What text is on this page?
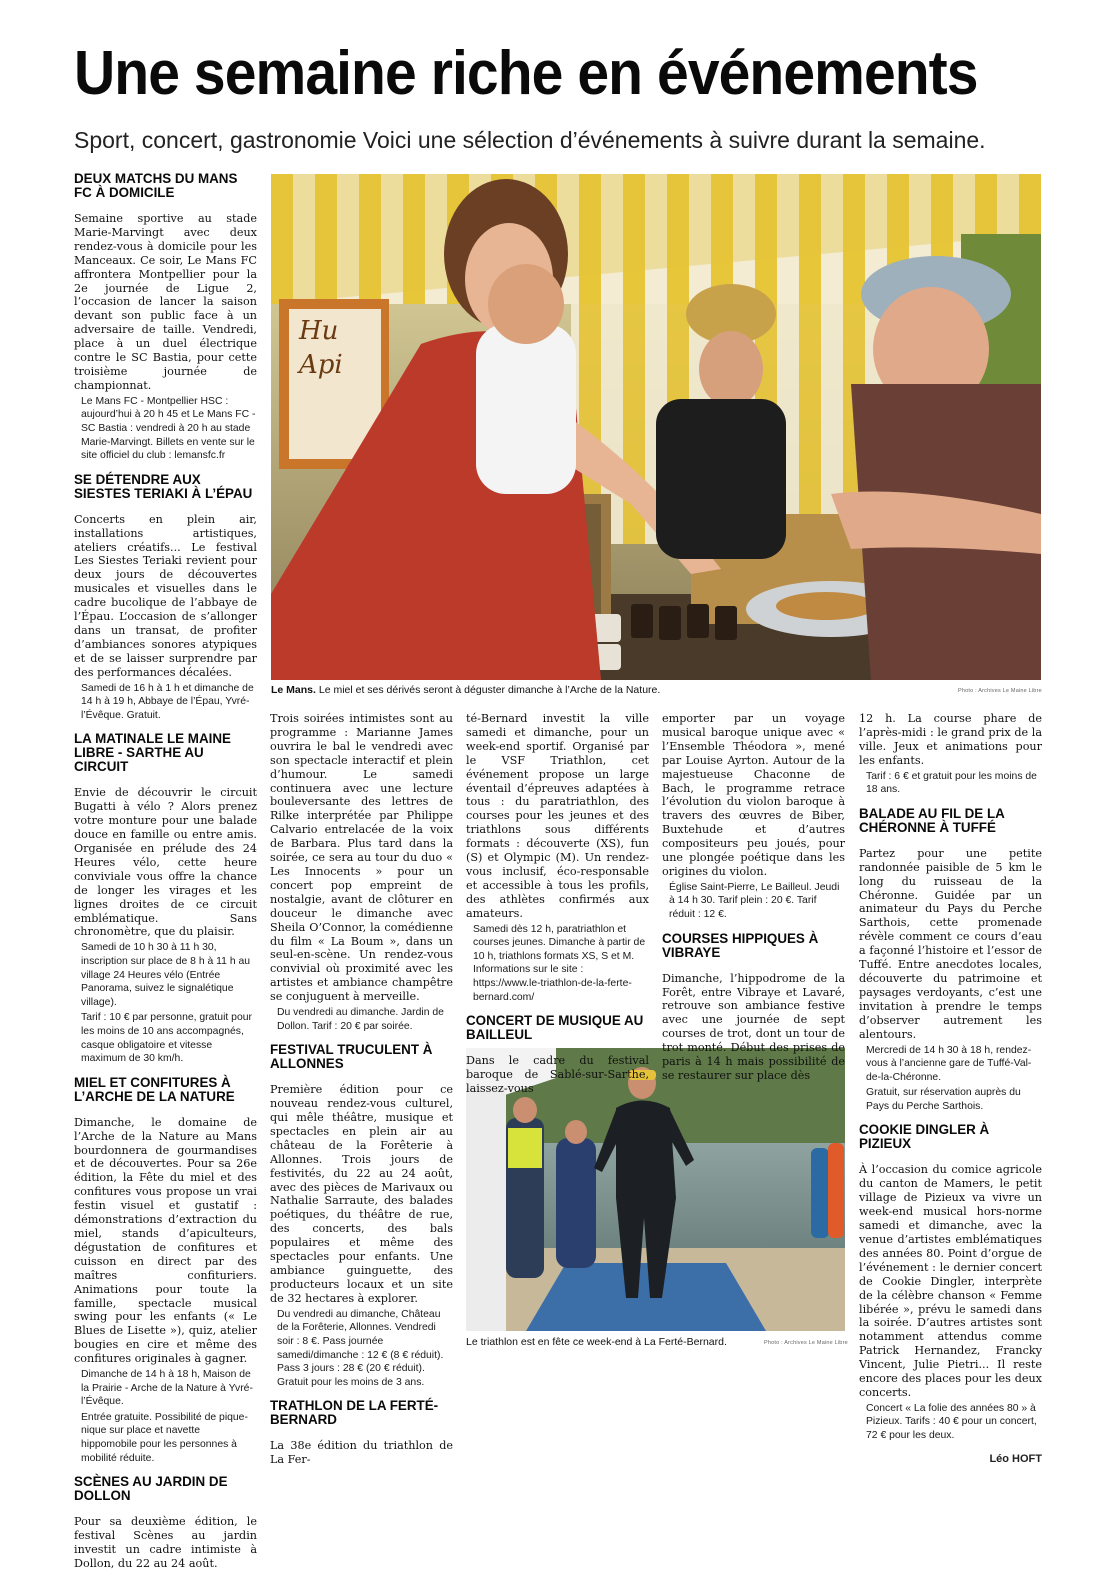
Une semaine riche en événements
Sport, concert, gastronomie Voici une sélection d’événements à suivre durant la semaine.
Hu
Api
Le Mans. Le miel et ses dérivés seront à déguster dimanche à l’Arche de la Nature.	Photo : Archives Le Maine Libre
Le triathlon est en fête ce week-end à La Ferté-Bernard.	Photo : Archives Le Maine Libre
DEUX MATCHS DU MANS FC À DOMICILE

Semaine sportive au stade Marie-Marvingt avec deux rendez-vous à domicile pour les Manceaux. Ce soir, Le Mans FC affrontera Montpellier pour la 2e journée de Ligue 2, l’occasion de lancer la saison devant son public face à un adversaire de taille. Vendredi, place à un duel électrique contre le SC Bastia, pour cette troisième journée de championnat.

Le Mans FC - Montpellier HSC : aujourd’hui à 20 h 45 et Le Mans FC - SC Bastia : vendredi à 20 h au stade Marie-Marvingt. Billets en vente sur le site officiel du club : lemansfc.fr

SE DÉTENDRE AUX SIESTES TERIAKI À L’ÉPAU

Concerts en plein air, installations artistiques, ateliers créatifs... Le festival Les Siestes Teriaki revient pour deux jours de découvertes musicales et visuelles dans le cadre bucolique de l’abbaye de l’Épau. L’occasion de s’allonger dans un transat, de profiter d’ambiances sonores atypiques et de se laisser surprendre par des performances décalées.

Samedi de 16 h à 1 h et dimanche de 14 h à 19 h, Abbaye de l’Épau, Yvré-l’Évêque. Gratuit.

LA MATINALE LE MAINE LIBRE - SARTHE AU CIRCUIT

Envie de découvrir le circuit Bugatti à vélo ? Alors prenez votre monture pour une balade douce en famille ou entre amis. Organisée en prélude des 24 Heures vélo, cette heure conviviale vous offre la chance de longer les virages et les lignes droites de ce circuit emblématique. Sans chronomètre, que du plaisir.

Samedi de 10 h 30 à 11 h 30, inscription sur place de 8 h à 11 h au village 24 Heures vélo (Entrée Panorama, suivez le signalétique village).

Tarif : 10 € par personne, gratuit pour les moins de 10 ans accompagnés, casque obligatoire et vitesse maximum de 30 km/h.

MIEL ET CONFITURES À L’ARCHE DE LA NATURE

Dimanche, le domaine de l’Arche de la Nature au Mans bourdonnera de gourmandises et de découvertes. Pour sa 26e édition, la Fête du miel et des confitures vous propose un vrai festin visuel et gustatif : démonstrations d’extraction du miel, stands d’apiculteurs, dégustation de confitures et cuisson en direct par des maîtres confituriers. Animations pour toute la famille, spectacle musical swing pour les enfants (« Le Blues de Lisette »), quiz, atelier bougies en cire et même des confitures originales à gagner.

Dimanche de 14 h à 18 h, Maison de la Prairie - Arche de la Nature à Yvré-l’Évêque.

Entrée gratuite. Possibilité de pique-nique sur place et navette hippomobile pour les personnes à mobilité réduite.

SCÈNES AU JARDIN DE DOLLON

Pour sa deuxième édition, le festival Scènes au jardin investit un cadre intimiste à Dollon, du 22 au 24 août.

Trois soirées intimistes sont au programme : Marianne James ouvrira le bal le vendredi avec son spectacle interactif et plein d’humour. Le samedi continuera avec une lecture bouleversante des lettres de Rilke interprétée par Philippe Calvario entrelacée de la voix de Barbara. Plus tard dans la soirée, ce sera au tour du duo « Les Innocents » pour un concert pop empreint de nostalgie, avant de clôturer en douceur le dimanche avec Sheila O’Connor, la comédienne du film « La Boum », dans un seul-en-scène. Un rendez-vous convivial où proximité avec les artistes et ambiance champêtre se conjuguent à merveille.

Du vendredi au dimanche. Jardin de Dollon. Tarif : 20 € par soirée.

FESTIVAL TRUCULENT À ALLONNES

Première édition pour ce nouveau rendez-vous culturel, qui mêle théâtre, musique et spectacles en plein air au château de la Forêterie à Allonnes. Trois jours de festivités, du 22 au 24 août, avec des pièces de Marivaux ou Nathalie Sarraute, des balades poétiques, du théâtre de rue, des concerts, des bals populaires et même des spectacles pour enfants. Une ambiance guinguette, des producteurs locaux et un site de 32 hectares à explorer.

Du vendredi au dimanche, Château de la Forêterie, Allonnes. Vendredi soir : 8 €. Pass journée samedi/dimanche : 12 € (8 € réduit). Pass 3 jours : 28 € (20 € réduit). Gratuit pour les moins de 3 ans.

TRATHLON DE LA FERTÉ-BERNARD

La 38e édition du triathlon de La Fer-

té-Bernard investit la ville samedi et dimanche, pour un week-end sportif. Organisé par le VSF Triathlon, cet événement propose un large éventail d’épreuves adaptées à tous : du paratriathlon, des courses pour les jeunes et des triathlons sous différents formats : découverte (XS), fun (S) et Olympic (M). Un rendez-vous inclusif, éco-responsable et accessible à tous les profils, des athlètes confirmés aux amateurs.

Samedi dès 12 h, paratriathlon et courses jeunes. Dimanche à partir de 10 h, triathlons formats XS, S et M. Informations sur le site : https://www.le-triathlon-de-la-ferte-bernard.com/

CONCERT DE MUSIQUE AU BAILLEUL

Dans le cadre du festival baroque de Sablé-sur-Sarthe, laissez-vous

emporter par un voyage musical baroque unique avec « l’Ensemble Théodora », mené par Louise Ayrton. Autour de la majestueuse Chaconne de Bach, le programme retrace l’évolution du violon baroque à travers des œuvres de Biber, Buxtehude et d’autres compositeurs peu joués, pour une plongée poétique dans les origines du violon.

Église Saint-Pierre, Le Bailleul. Jeudi à 14 h 30. Tarif plein : 20 €. Tarif réduit : 12 €.

COURSES HIPPIQUES À VIBRAYE

Dimanche, l’hippodrome de la Forêt, entre Vibraye et Lavaré, retrouve son ambiance festive avec une journée de sept courses de trot, dont un tour de trot monté. Début des prises de paris à 14 h mais possibilité de se restaurer sur place dès

12 h. La course phare de l’après-midi : le grand prix de la ville. Jeux et animations pour les enfants.

Tarif : 6 € et gratuit pour les moins de 18 ans.

BALADE AU FIL DE LA CHÉRONNE À TUFFÉ

Partez pour une petite randonnée paisible de 5 km le long du ruisseau de la Chéronne. Guidée par un animateur du Pays du Perche Sarthois, cette promenade révèle comment ce cours d’eau a façonné l’histoire et l’essor de Tuffé. Entre anecdotes locales, découverte du patrimoine et paysages verdoyants, c’est une invitation à prendre le temps d’observer autrement les alentours.

Mercredi de 14 h 30 à 18 h, rendez-vous à l’ancienne gare de Tuffé-Val-de-la-Chéronne.

Gratuit, sur réservation auprès du Pays du Perche Sarthois.

COOKIE DINGLER À PIZIEUX

À l’occasion du comice agricole du canton de Mamers, le petit village de Pizieux va vivre un week-end musical hors-norme samedi et dimanche, avec la venue d’artistes emblématiques des années 80. Point d’orgue de l’événement : le dernier concert de Cookie Dingler, interprète de la célèbre chanson « Femme libérée », prévu le samedi dans la soirée. D’autres artistes sont notamment attendus comme Patrick Hernandez, Francky Vincent, Julie Pietri... Il reste encore des places pour les deux concerts.

Concert « La folie des années 80 » à Pizieux. Tarifs : 40 € pour un concert, 72 € pour les deux.

Léo HOFT
